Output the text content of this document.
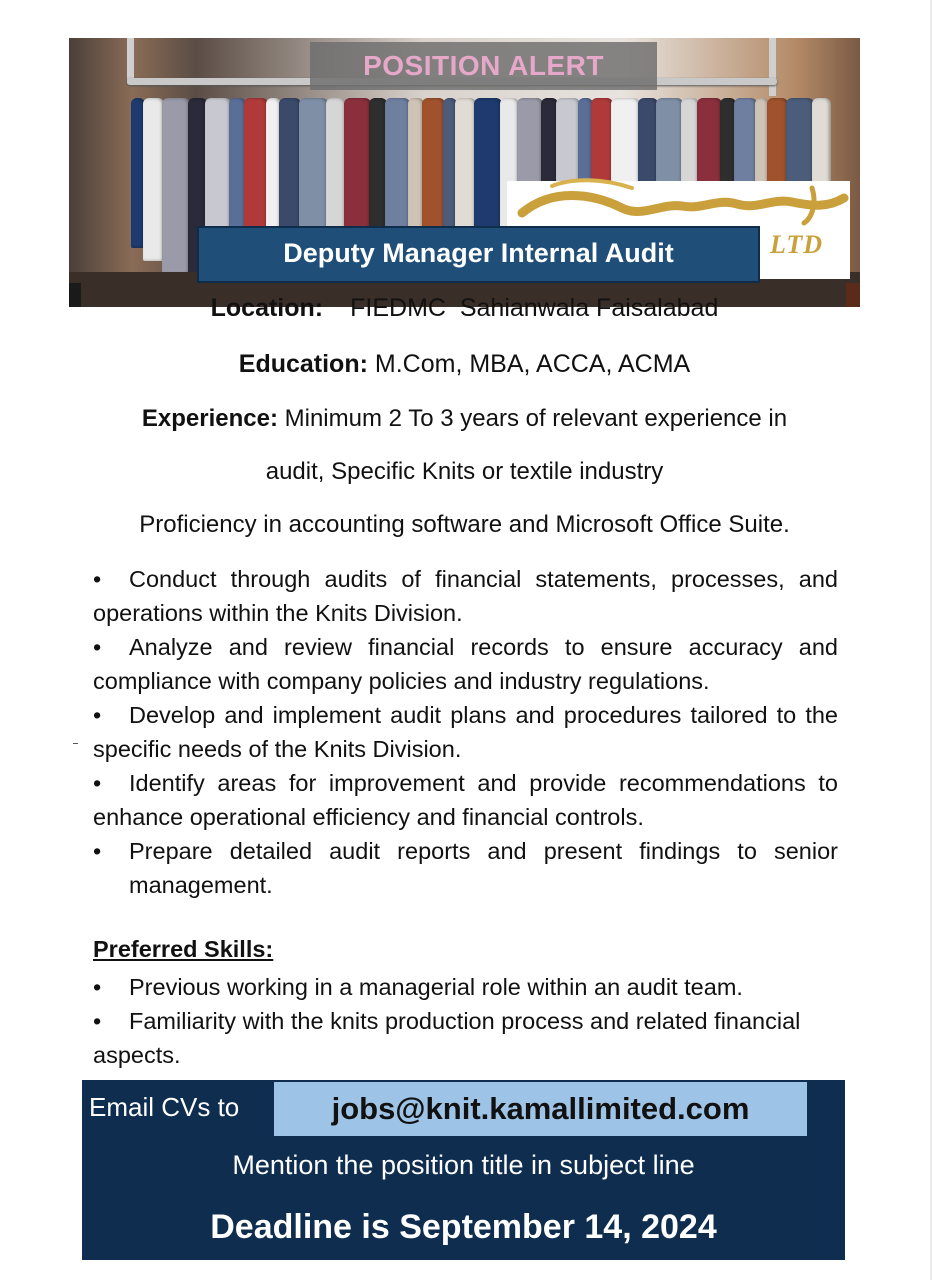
POSITION ALERT
LTD
Deputy Manager Internal Audit
Location: FIEDMC  Sahianwala Faisalabad
Education: M.Com, MBA, ACCA, ACMA
Experience: Minimum 2 To 3 years of relevant experience in
audit, Specific Knits or textile industry
Proficiency in accounting software and Microsoft Office Suite.

• Conduct through audits of financial statements, processes, and operations within the Knits Division.

• Analyze and review financial records to ensure accuracy and compliance with company policies and industry regulations.

• Develop and implement audit plans and procedures tailored to the specific needs of the Knits Division.

• Identify areas for improvement and provide recommendations to enhance operational efficiency and financial controls.

•	Prepare detailed audit reports and present findings to senior management.

Preferred Skills:

• Previous working in a managerial role within an audit team.

• Familiarity with the knits production process and related financial aspects.

Email CVs to	jobs@knit.kamallimited.com
Mention the position title in subject line
Deadline is September 14, 2024
